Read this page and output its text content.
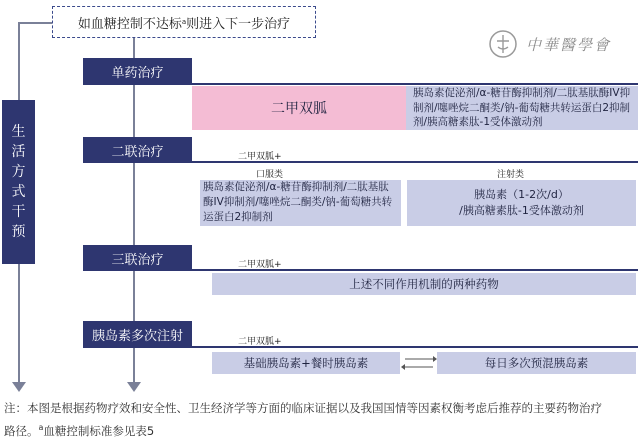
如血糖控制不达标 a 则进入下一步治疗
中華醫學會
生
活
方
式
干
预
单药治疗
二甲双胍
胰岛素促泌剂/α-糖苷酶抑制剂/二肽基肽酶IV抑制剂/噻唑烷二酮类/钠-葡萄糖共转运蛋白2抑制剂/胰高糖素肽-1受体激动剂
二联治疗	二甲双胍+
口服类	注射类
胰岛素促泌剂/α-糖苷酶抑制剂/二肽基肽酶IV抑制剂/噻唑烷二酮类/钠-葡萄糖共转运蛋白2抑制剂
胰岛素（1-2次/d）
/胰高糖素肽-1受体激动剂
三联治疗	二甲双胍+
上述不同作用机制的两种药物
胰岛素多次注射	二甲双胍+
基础胰岛素+餐时胰岛素	每日多次预混胰岛素
注：本图是根据药物疗效和安全性、卫生经济学等方面的临床证据以及我国国情等因素权衡考虑后推荐的主要药物治疗
路径。$^a$血糖控制标准参见表5
